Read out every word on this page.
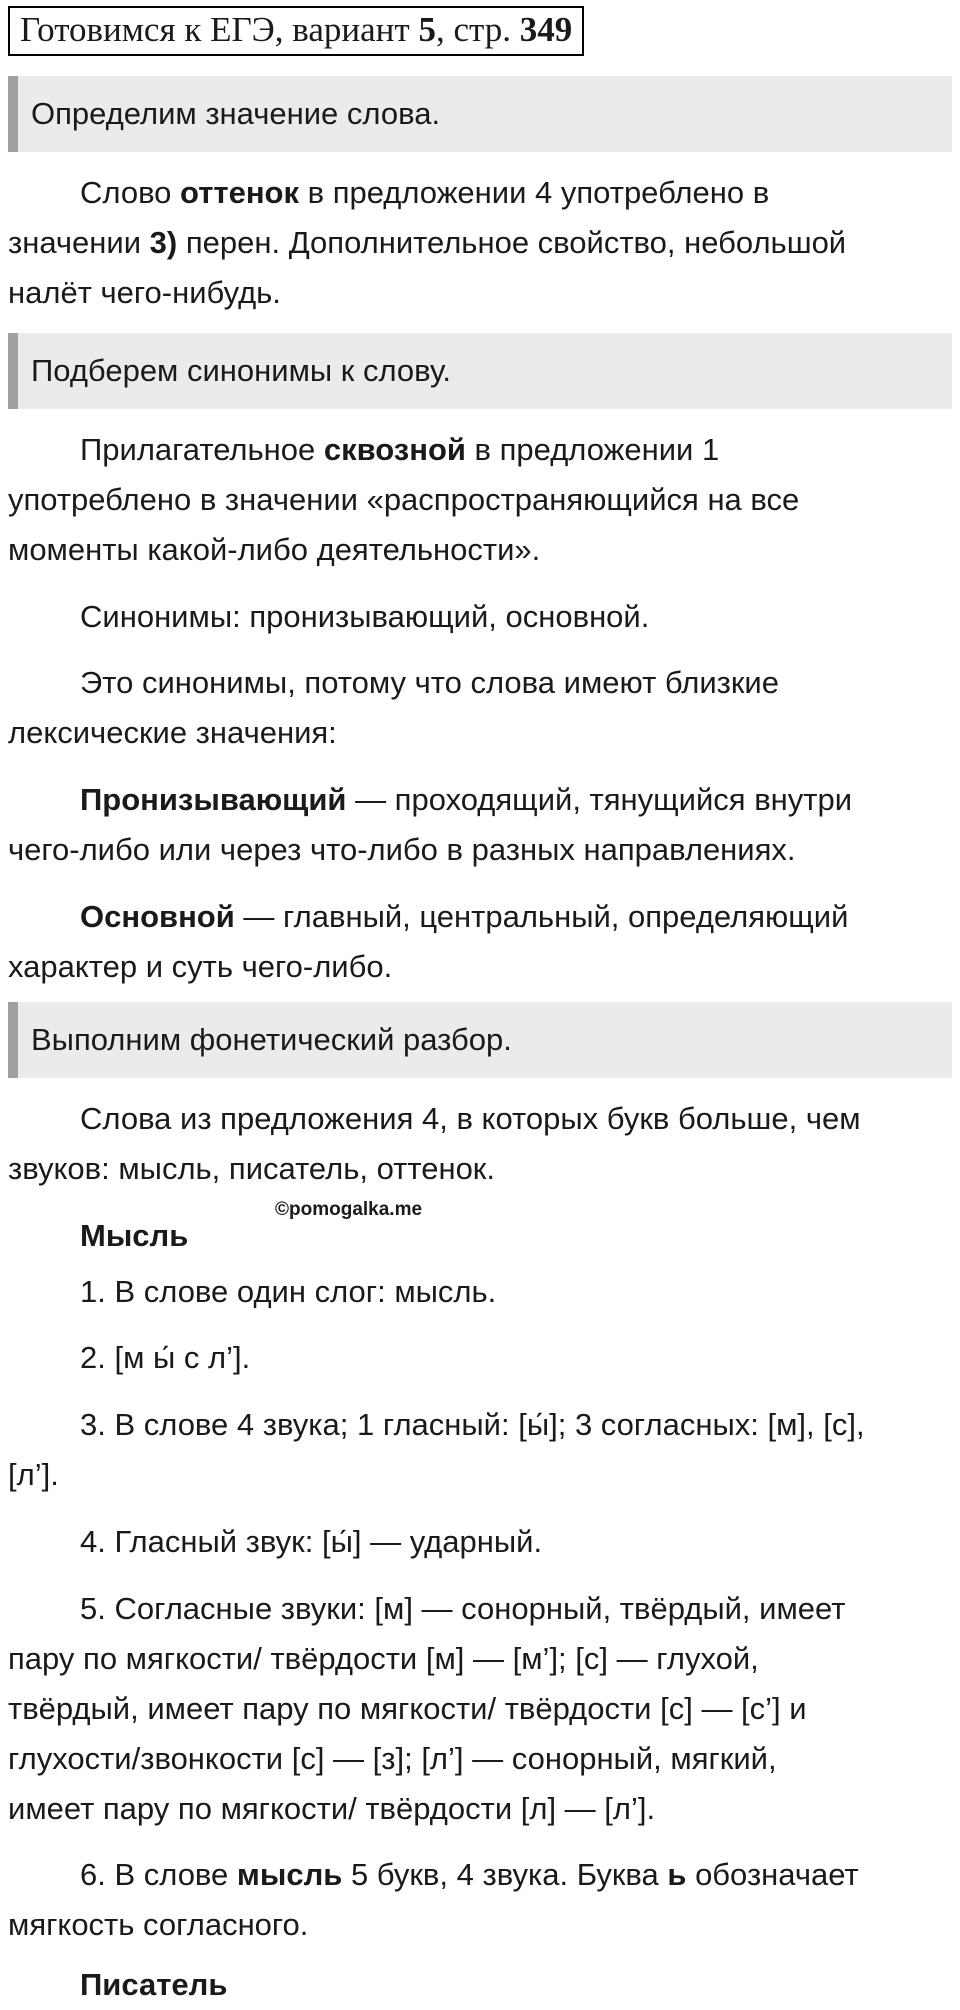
Готовимся к ЕГЭ, вариант 5, стр. 349
Определим значение слова.
Слово оттенок в предложении 4 употреблено в
значении 3) перен. Дополнительное свойство, небольшой
налёт чего-нибудь.
Подберем синонимы к слову.
Прилагательное сквозной в предложении 1
употреблено в значении «распространяющийся на все
моменты какой-либо деятельности».
Синонимы: пронизывающий, основной.
Это синонимы, потому что слова имеют близкие
лексические значения:
Пронизывающий — проходящий, тянущийся внутри
чего-либо или через что-либо в разных направлениях.
Основной — главный, центральный, определяющий
характер и суть чего-либо.
Выполним фонетический разбор.
Слова из предложения 4, в которых букв больше, чем
звуков: мысль, писатель, оттенок.
©pomogalka.me
Мысль
1. В слове один слог: мысль.
2. [м ы́ с л’].
3. В слове 4 звука; 1 гласный: [ы́]; 3 согласных: [м], [с],
[л’].
4. Гласный звук: [ы́] — ударный.
5. Согласные звуки: [м] — сонорный, твёрдый, имеет
пару по мягкости/ твёрдости [м] — [м’]; [с] — глухой,
твёрдый, имеет пару по мягкости/ твёрдости [с] — [с’] и
глухости/звонкости [с] — [з]; [л’] — сонорный, мягкий,
имеет пару по мягкости/ твёрдости [л] — [л’].
6. В слове мысль 5 букв, 4 звука. Буква ь обозначает
мягкость согласного.
Писатель
